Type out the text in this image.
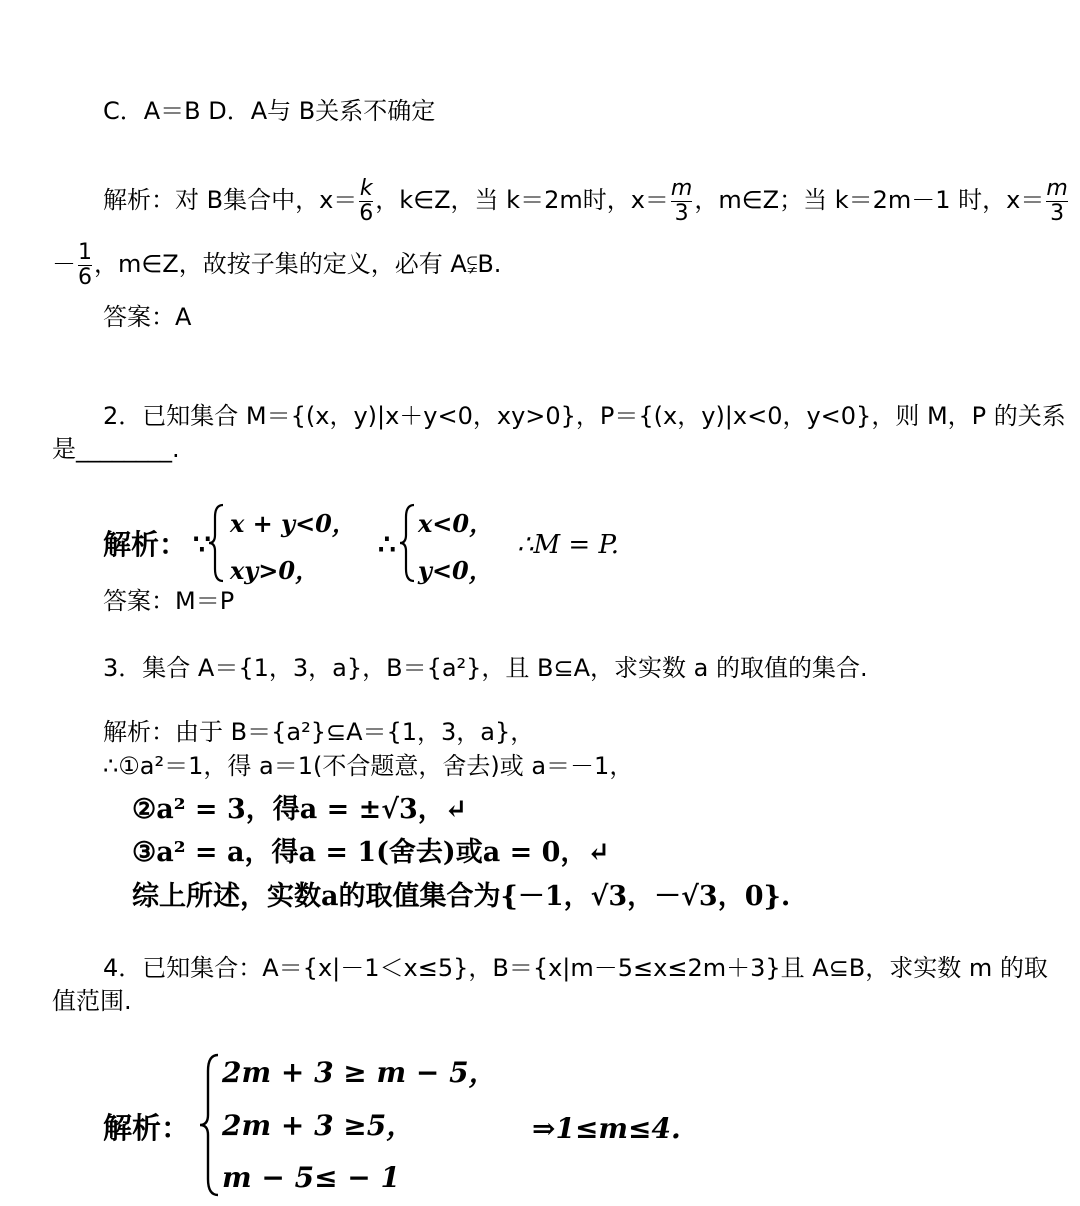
C．A＝B D．A与 B关系不确定
解析：对 B集合中，$x= \frac{k}{6}$ ，k∈Z，当 k＝2m时，$x= \frac{m}{3}$ ，m∈Z；当 k＝2m－1 时，$x= \frac{m}{3}$
－ $\frac{1}{6}$ ，m∈Z，故按子集的定义，必有 A⫋B.
答案：A
2．已知集合 M＝{(x，y)|x＋y<0，xy>0}，P＝{(x，y)|x<0，y<0}，则 M，P 的关系
是________.
解析： ∵
x + y<0，
xy>0，
∴
x<0，
y<0，
∴M = P.
答案：M＝P
3．集合 A＝{1，3，a}，B＝{a²}，且 B⊆A，求实数 a 的取值的集合.
解析：由于 B＝{a²}⊆A＝{1，3，a}，
∴①a²＝1，得 a＝1(不合题意，舍去)或 a＝－1，
②a² = 3，得a = ±√3，↵
③a² = a，得a = 1(舍去)或a = 0，↵
综上所述，实数a的取值集合为{－1，√3，－√3，0}.
4．已知集合：A＝{x|－1＜x≤5}，B＝{x|m－5≤x≤2m＋3}且 A⊆B，求实数 m 的取
值范围.
解析：
2m + 3 ≥ m − 5，
2m + 3 ≥5，
m − 5≤ − 1
⇒1≤m≤4.
